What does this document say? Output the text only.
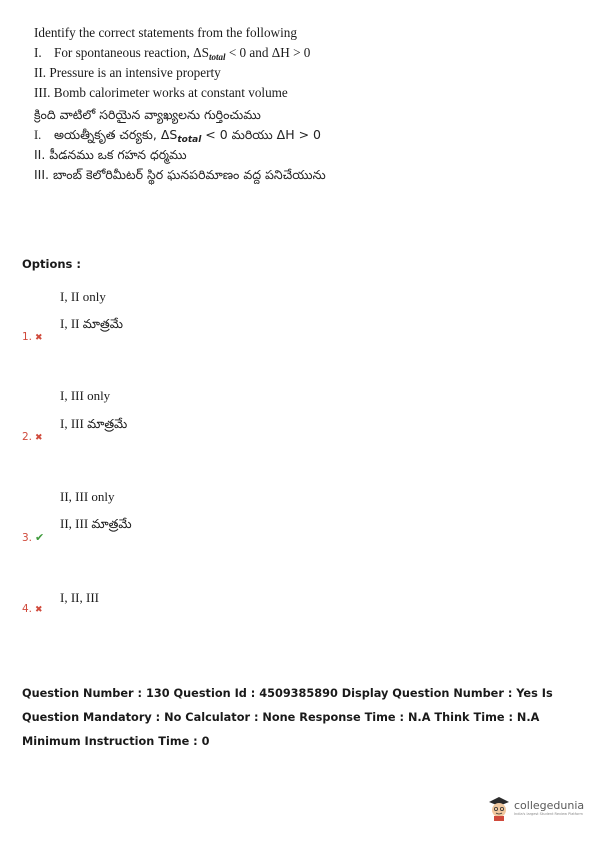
Identify the correct statements from the following
I. For spontaneous reaction, $\Delta S_{total} < 0$ and ΔH > 0
II. Pressure is an intensive property
III. Bomb calorimeter works at constant volume
క్రింది వాటిలో సరియైన వ్యాఖ్యలను గుర్తించుము
I. అయత్నీకృత చర్యకు, $\Delta S_{total} < 0$ మరియు ΔH > 0
II. పీడనము ఒక గహన ధర్మము
III. బాంబ్ కెలోరిమీటర్ స్థిర ఘనపరిమాణం వద్ద పనిచేయును
Options :
I, II only
I, II మాత్రమే
1. ✖
I, III only
I, III మాత్రమే
2. ✖
II, III only
II, III మాత్రమే
3. ✔
I, II, III
4. ✖
Question Number : 130 Question Id : 4509385890 Display Question Number : Yes Is Question Mandatory : No Calculator : None Response Time : N.A Think Time : N.A Minimum Instruction Time : 0
collegedunia
India's largest Student Review Platform
